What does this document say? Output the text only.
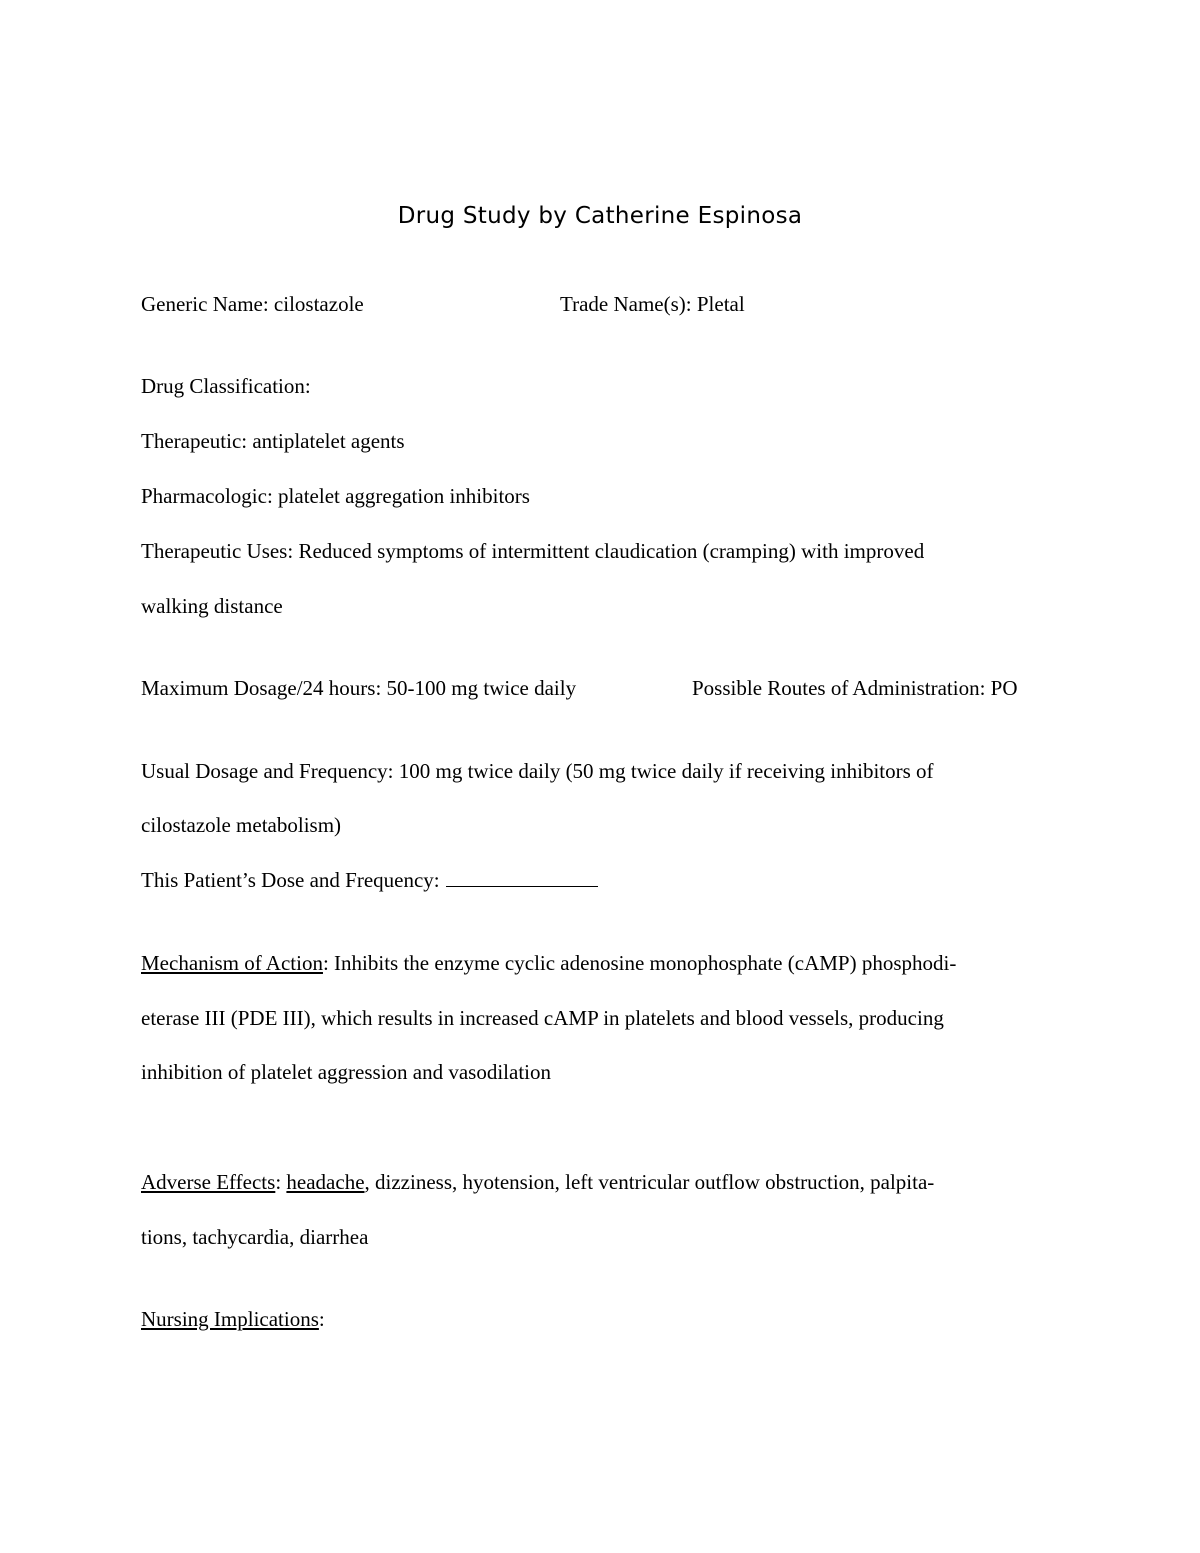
Drug Study by Catherine Espinosa
Generic Name: cilostazole	Trade Name(s): Pletal
Drug Classification:
Therapeutic: antiplatelet agents
Pharmacologic: platelet aggregation inhibitors
Therapeutic Uses: Reduced symptoms of intermittent claudication (cramping) with improved
walking distance
Maximum Dosage/24 hours: 50-100 mg twice daily	Possible Routes of Administration: PO
Usual Dosage and Frequency: 100 mg twice daily (50 mg twice daily if receiving inhibitors of
cilostazole metabolism)
This Patient’s Dose and Frequency:
Mechanism of Action: Inhibits the enzyme cyclic adenosine monophosphate (cAMP) phosphodi-
eterase III (PDE III), which results in increased cAMP in platelets and blood vessels, producing
inhibition of platelet aggression and vasodilation
Adverse Effects: headache, dizziness, hyotension, left ventricular outflow obstruction, palpita-
tions, tachycardia, diarrhea
Nursing Implications:
